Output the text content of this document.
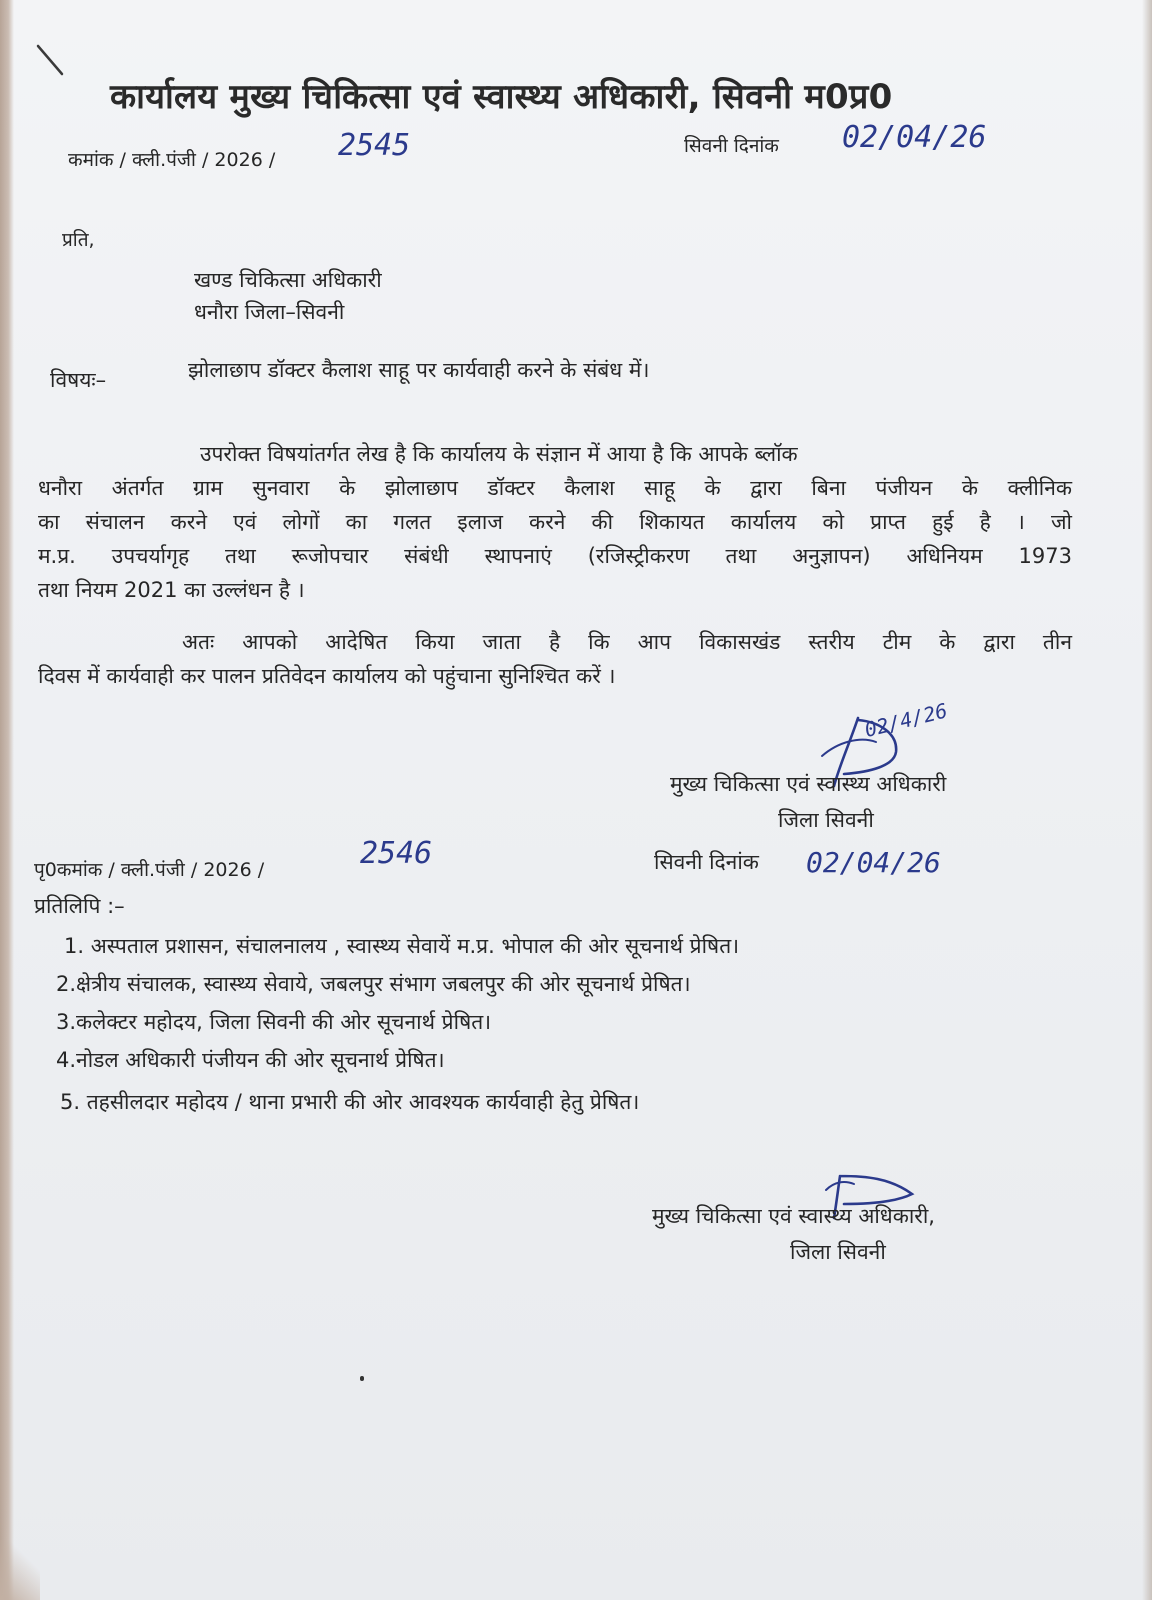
कार्यालय मुख्य चिकित्सा एवं स्वास्थ्य अधिकारी, सिवनी म0प्र0
कमांक / क्ली.पंजी / 2026 / 2545	सिवनी दिनांक 02/04/26
प्रति,
खण्ड चिकित्सा अधिकारी
धनौरा जिला–सिवनी
विषयः–	झोलाछाप डॉक्टर कैलाश साहू पर कार्यवाही करने के संबंध में।
उपरोक्त विषयांतर्गत लेख है कि कार्यालय के संज्ञान में आया है कि आपके ब्लॉक
धनौरा अंतर्गत ग्राम सुनवारा के झोलाछाप डॉक्टर कैलाश साहू के द्वारा बिना पंजीयन के क्लीनिक
का संचालन करने एवं लोगों का गलत इलाज करने की शिकायत कार्यालय को प्राप्त हुई है । जो
म.प्र. उपचर्यागृह तथा रूजोपचार संबंधी स्थापनाएं (रजिस्ट्रीकरण तथा अनुज्ञापन) अधिनियम 1973
तथा नियम 2021 का उल्लंधन है ।
अतः आपको आदेषित किया जाता है कि आप विकासखंड स्तरीय टीम के द्वारा तीन
दिवस में कार्यवाही कर पालन प्रतिवेदन कार्यालय को पहुंचाना सुनिश्चित करें ।
02/4/26
मुख्य चिकित्सा एवं स्वास्थ्य अधिकारी
जिला सिवनी
पृ0कमांक / क्ली.पंजी / 2026 /	2546	सिवनी दिनांक 02/04/26
प्रतिलिपि :–
1. अस्पताल प्रशासन, संचालनालय , स्वास्थ्य सेवायें म.प्र. भोपाल की ओर सूचनार्थ प्रेषित।
2.क्षेत्रीय संचालक, स्वास्थ्य सेवाये, जबलपुर संभाग जबलपुर की ओर सूचनार्थ प्रेषित।
3.कलेक्टर महोदय, जिला सिवनी की ओर सूचनार्थ प्रेषित।
4.नोडल अधिकारी पंजीयन की ओर सूचनार्थ प्रेषित।
5. तहसीलदार महोदय / थाना प्रभारी की ओर आवश्यक कार्यवाही हेतु प्रेषित।
मुख्य चिकित्सा एवं स्वास्थ्य अधिकारी,
जिला सिवनी
